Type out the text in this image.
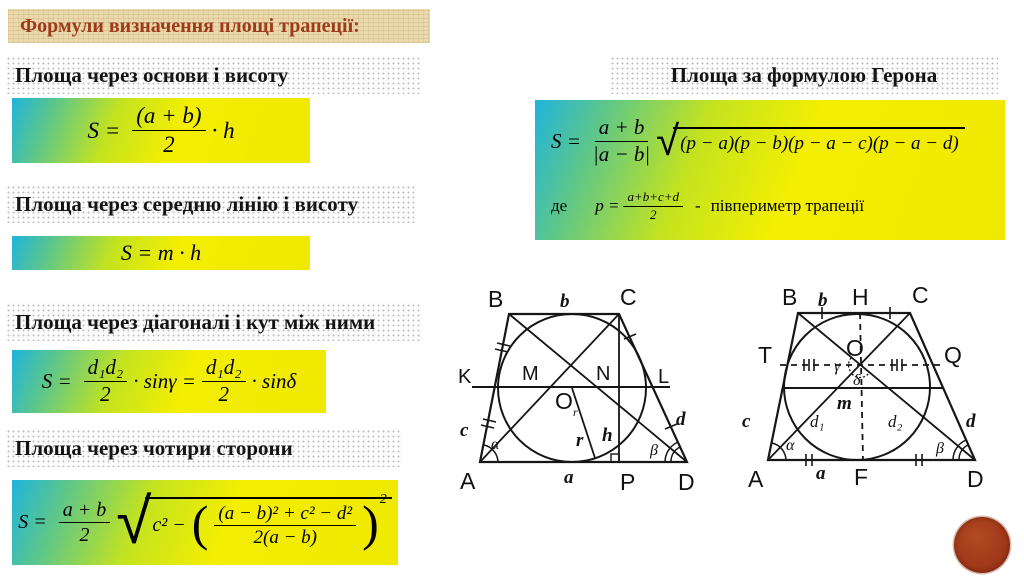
Формули визначення площі трапеції:
Площа через основи і висоту
$S = \frac{(a + b)}{2} \cdot h$
Площа через середню лінію і висоту
S = m · h
Площа через діагоналі і кут між ними
$S = \frac{\text{d₁d₂}}{2} \cdot \sin\gamma = \frac{\text{d₁d₂}}{2} \cdot \sin\delta$
Площа через чотири сторони
$S = \frac{a + b}{2}$ √ c² − ( $\frac{\text{(a − b)² + c² − d²}}{2(a - b)}$ ) 2
Площа за формулою Герона
$S = \frac{a + b}{|a - b|}$ √ (p − a)(p − b)(p − a − c)(p − a − d)
де $p = \frac{a+b+c+d}{2}$ - півпериметр трапеції
B	b C
K	M	N L
O r
r h
c
d
α	β
A	a P D
B b H C
T	O	Q
γ
δ
m
d₁	d₂
c	d
α	β
A	a F	D
